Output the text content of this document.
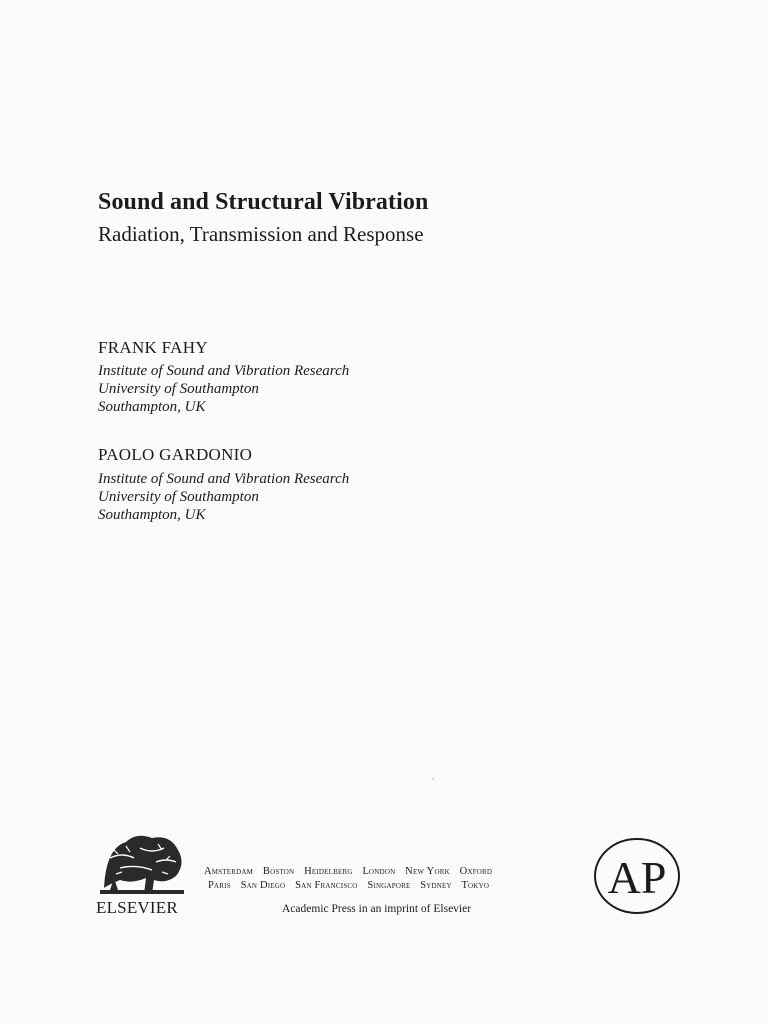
Sound and Structural Vibration
Radiation, Transmission and Response
FRANK FAHY
Institute of Sound and Vibration Research
University of Southampton
Southampton, UK
PAOLO GARDONIO
Institute of Sound and Vibration Research
University of Southampton
Southampton, UK
,
ELSEVIER
Amsterdam Boston Heidelberg London New York Oxford
Paris San Diego San Francisco Singapore Sydney Tokyo
Academic Press in an imprint of Elsevier
AP
